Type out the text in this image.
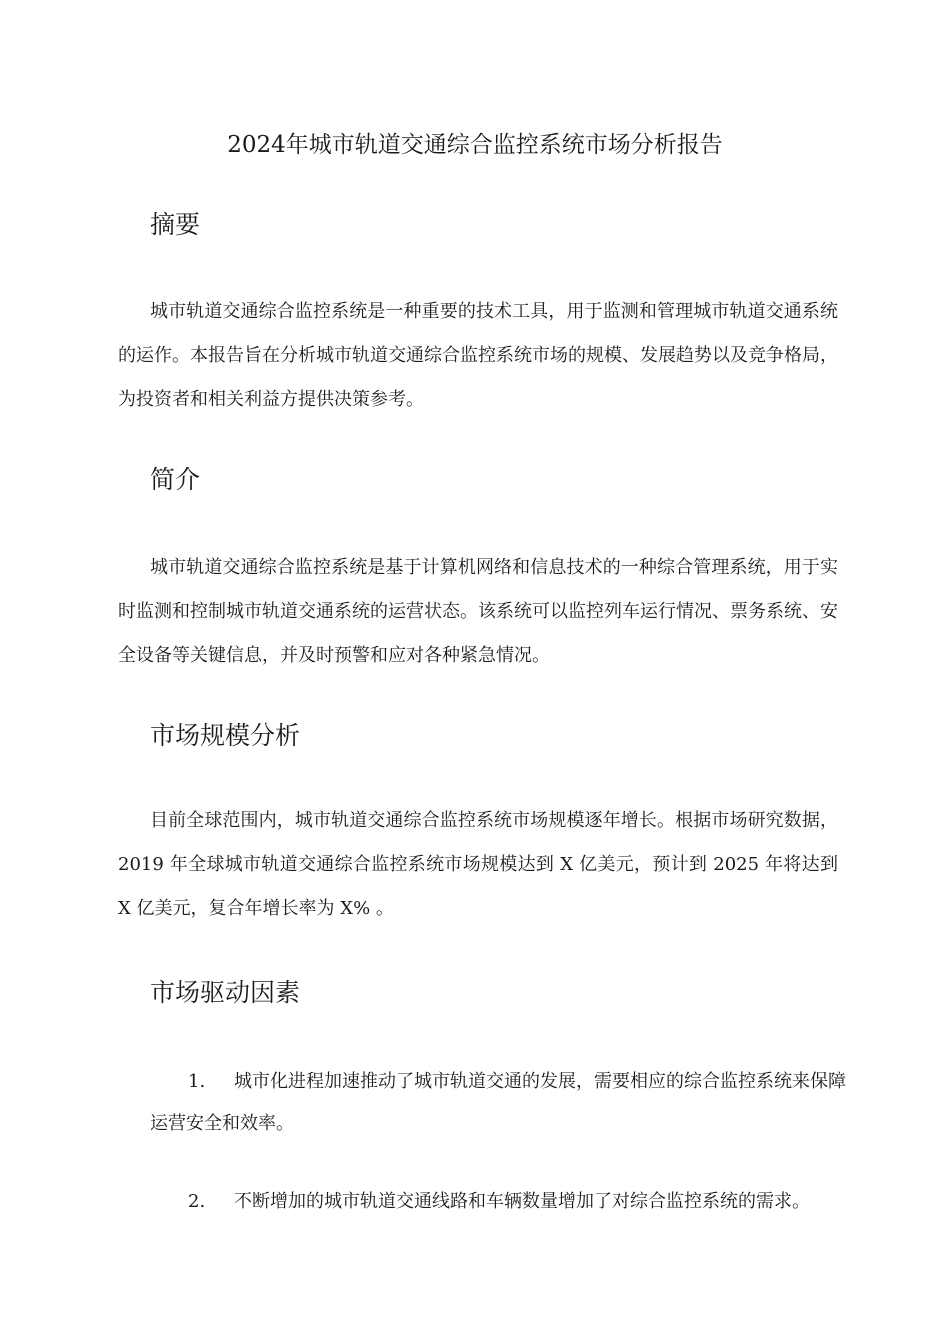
2024年城市轨道交通综合监控系统市场分析报告
摘要

城市轨道交通综合监控系统是一种重要的技术工具，用于监测和管理城市轨道交通系统的运作。本报告旨在分析城市轨道交通综合监控系统市场的规模、发展趋势以及竞争格局，为投资者和相关利益方提供决策参考。

简介

城市轨道交通综合监控系统是基于计算机网络和信息技术的一种综合管理系统，用于实时监测和控制城市轨道交通系统的运营状态。该系统可以监控列车运行情况、票务系统、安全设备等关键信息，并及时预警和应对各种紧急情况。

市场规模分析

目前全球范围内，城市轨道交通综合监控系统市场规模逐年增长。根据市场研究数据，2019 年全球城市轨道交通综合监控系统市场规模达到 X 亿美元，预计到 2025 年将达到 X 亿美元，复合年增长率为 X% 。

市场驱动因素
1. 城市化进程加速推动了城市轨道交通的发展，需要相应的综合监控系统来保障运营安全和效率。
2. 不断增加的城市轨道交通线路和车辆数量增加了对综合监控系统的需求。
